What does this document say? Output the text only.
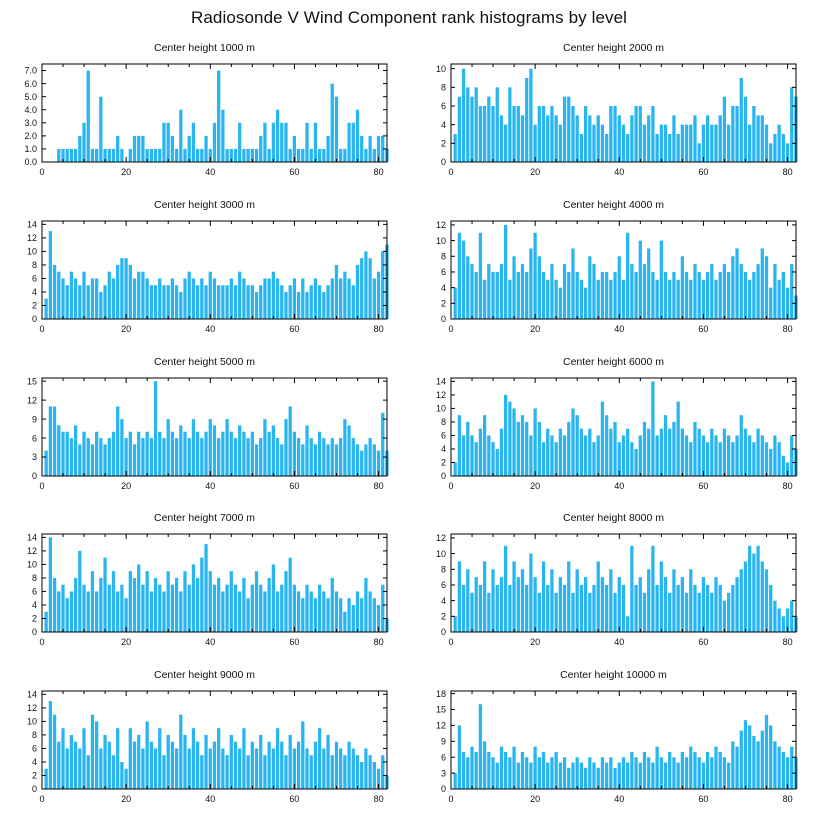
Radiosonde V Wind Component rank histograms by level
Center height 1000 m
0.0
1.0
2.0
3.0
4.0
5.0
6.0
7.0
0	20	40	60	80
Center height 2000 m
0
2
4
6
8
10
0	20	40	60	80
Center height 3000 m
0
2
4
6
8
10
12
14
0	20	40	60	80
Center height 4000 m
0
2
4
6
8
10
12
0	20	40	60	80
Center height 5000 m
0
3
6
9
12
15
0	20	40	60	80
Center height 6000 m
0
2
4
6
8
10
12
14
0	20	40	60	80
Center height 7000 m
0
2
4
6
8
10
12
14
0	20	40	60	80
Center height 8000 m
0
2
4
6
8
10
12
0	20	40	60	80
Center height 9000 m
0
2
4
6
8
10
12
14
0	20	40	60	80
Center height 10000 m
0
3
6
9
12
15
18
0	20	40	60	80
